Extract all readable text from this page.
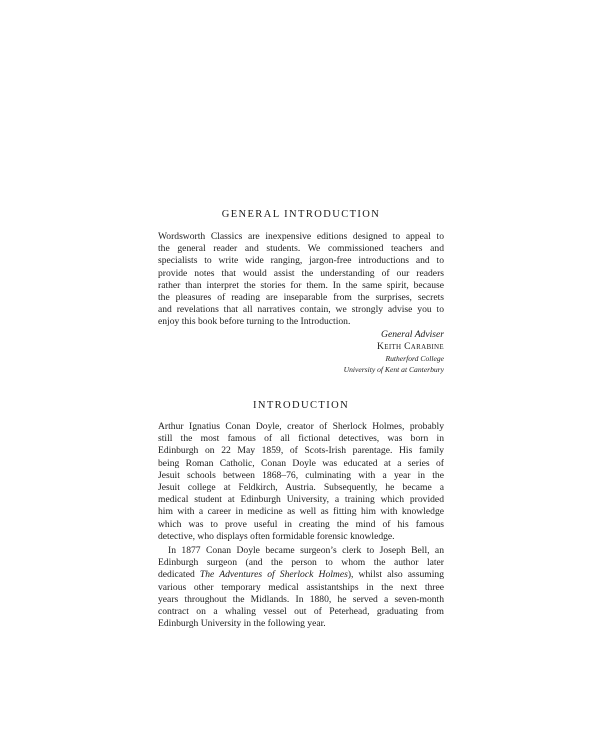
GENERAL INTRODUCTION

Wordsworth Classics are inexpensive editions designed to appeal to
the general reader and students. We commissioned teachers and
specialists to write wide ranging, jargon-free introductions and to
provide notes that would assist the understanding of our readers
rather than interpret the stories for them. In the same spirit, because
the pleasures of reading are inseparable from the surprises, secrets
and revelations that all narratives contain, we strongly advise you to
enjoy this book before turning to the Introduction.

General Adviser
Keith Carabine
Rutherford College
University of Kent at Canterbury
INTRODUCTION

Arthur Ignatius Conan Doyle, creator of Sherlock Holmes, probably
still the most famous of all fictional detectives, was born in
Edinburgh on 22 May 1859, of Scots-Irish parentage. His family
being Roman Catholic, Conan Doyle was educated at a series of
Jesuit schools between 1868–76, culminating with a year in the
Jesuit college at Feldkirch, Austria. Subsequently, he became a
medical student at Edinburgh University, a training which provided
him with a career in medicine as well as fitting him with knowledge
which was to prove useful in creating the mind of his famous
detective, who displays often formidable forensic knowledge.

In 1877 Conan Doyle became surgeon’s clerk to Joseph Bell, an
Edinburgh surgeon (and the person to whom the author later
dedicated The Adventures of Sherlock Holmes), whilst also assuming
various other temporary medical assistantships in the next three
years throughout the Midlands. In 1880, he served a seven-month
contract on a whaling vessel out of Peterhead, graduating from
Edinburgh University in the following year.
